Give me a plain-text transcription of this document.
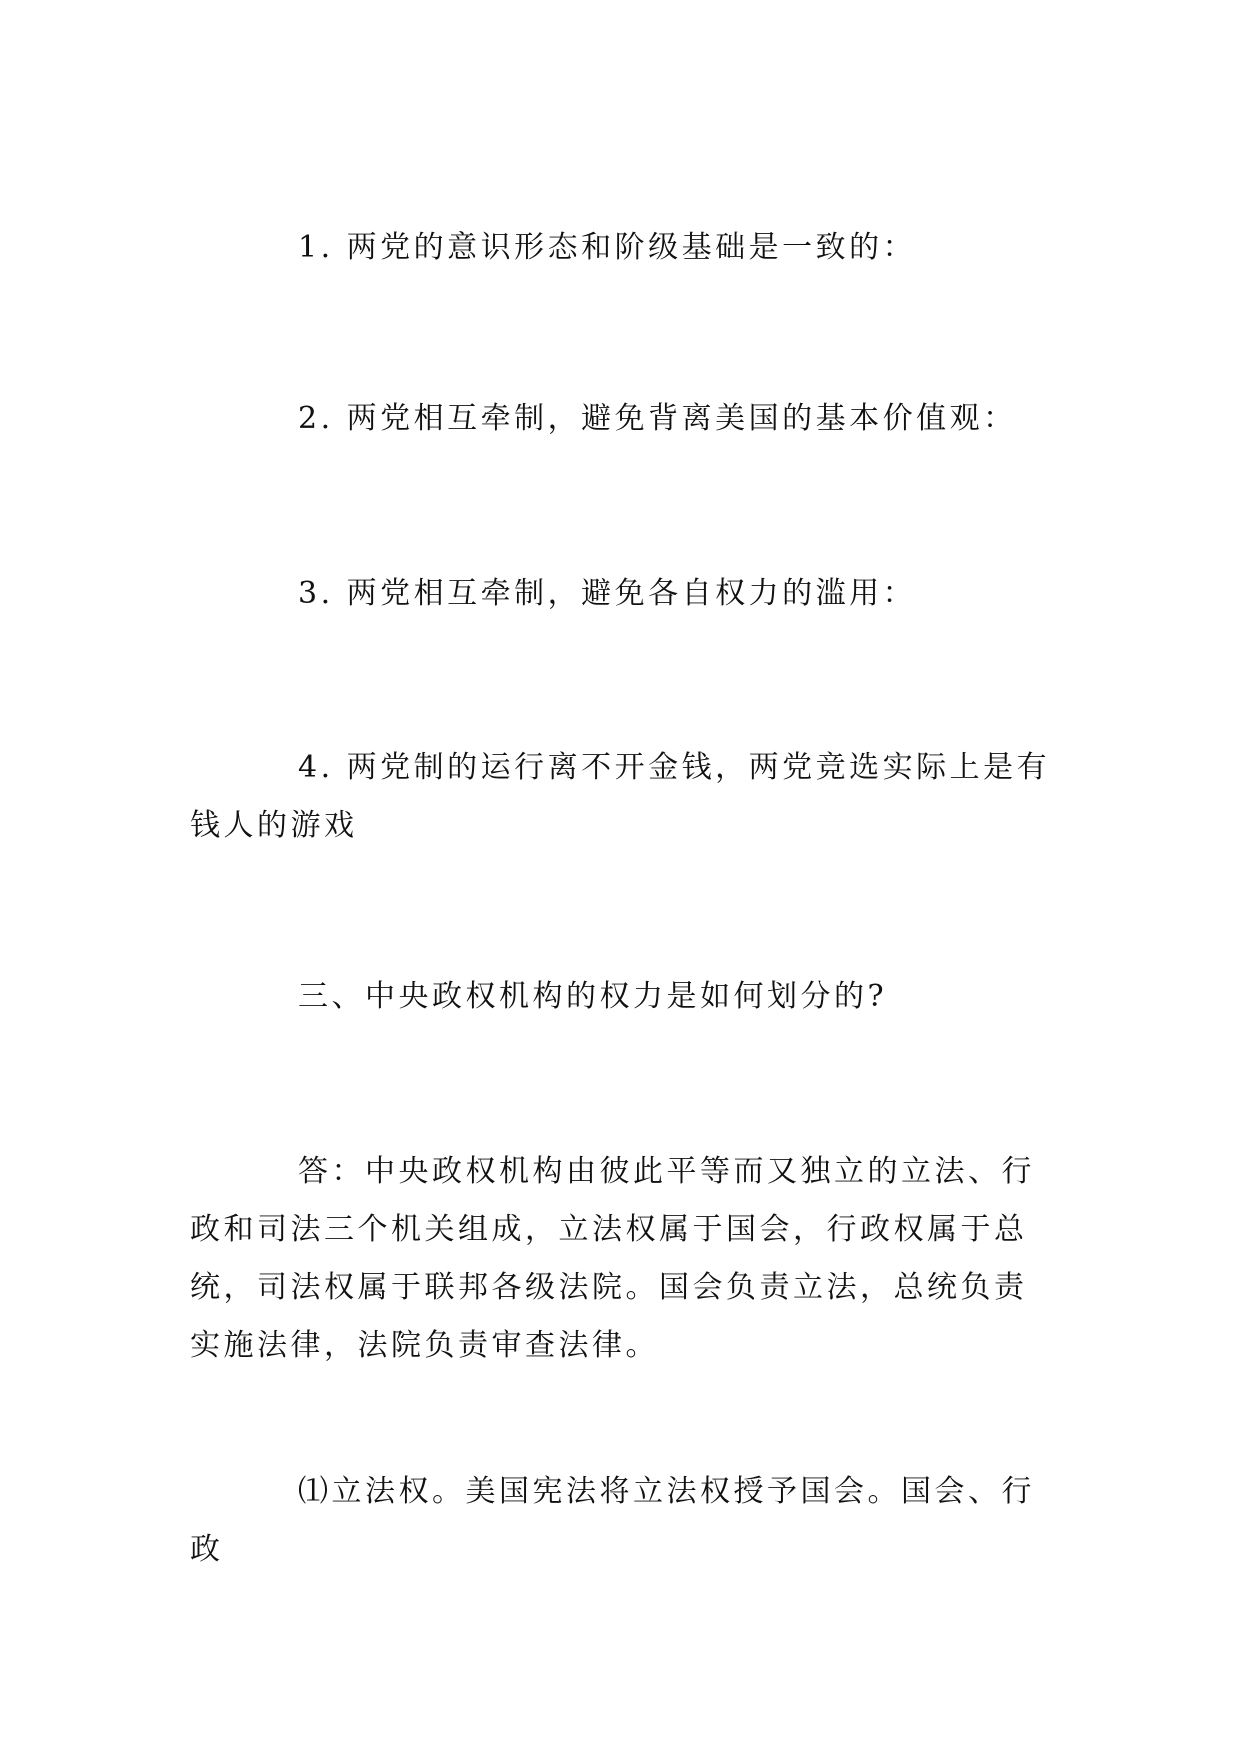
1. 两党的意识形态和阶级基础是一致的：

2. 两党相互牵制，避免背离美国的基本价值观：

3. 两党相互牵制，避免各自权力的滥用：

4. 两党制的运行离不开金钱，两党竞选实际上是有钱人的游戏

三、中央政权机构的权力是如何划分的?

答：中央政权机构由彼此平等而又独立的立法、行政和司法三个机关组成，立法权属于国会，行政权属于总统，司法权属于联邦各级法院。国会负责立法，总统负责实施法律，法院负责审查法律。

⑴立法权。美国宪法将立法权授予国会。国会、行政
